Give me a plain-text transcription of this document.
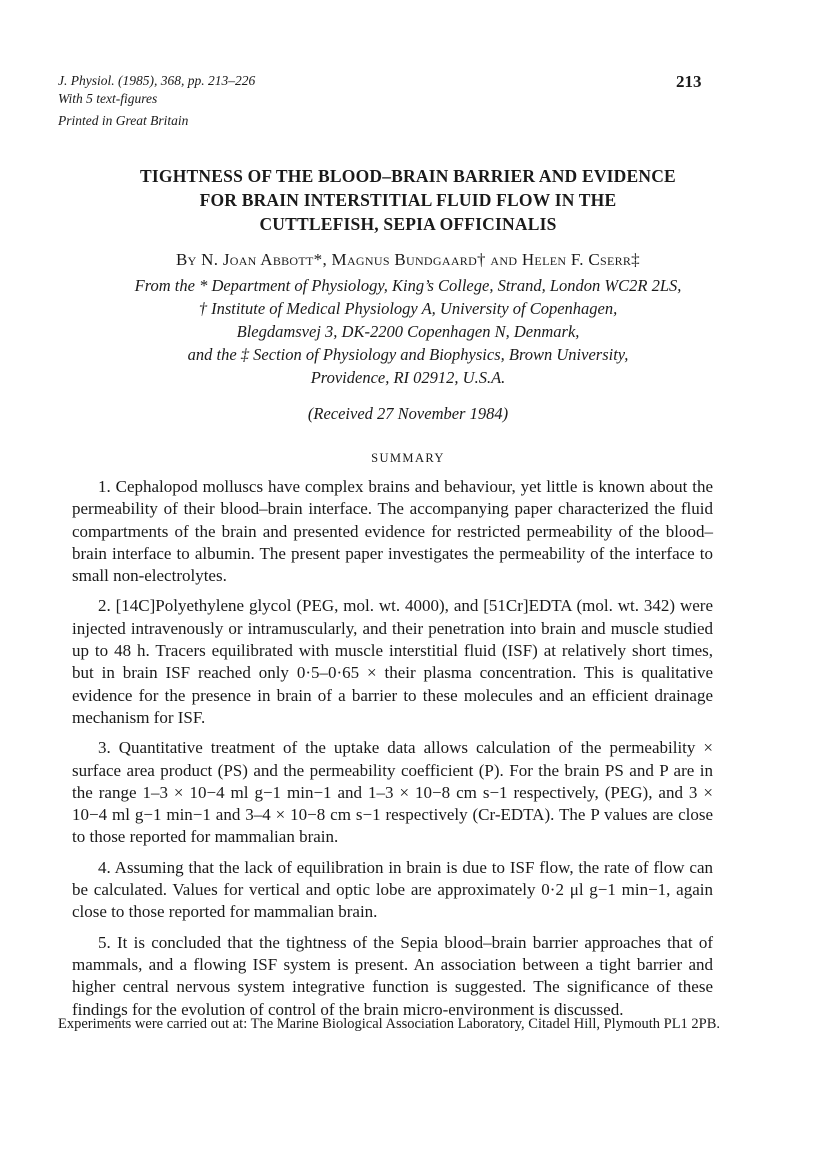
J. Physiol. (1985), 368, pp. 213–226
With 5 text-figures
Printed in Great Britain
213
TIGHTNESS OF THE BLOOD–BRAIN BARRIER AND EVIDENCE
FOR BRAIN INTERSTITIAL FLUID FLOW IN THE
CUTTLEFISH, SEPIA OFFICINALIS
By N. Joan Abbott*, Magnus Bundgaard† and Helen F. Cserr‡
From the * Department of Physiology, King’s College, Strand, London WC2R 2LS,
† Institute of Medical Physiology A, University of Copenhagen,
Blegdamsvej 3, DK-2200 Copenhagen N, Denmark,
and the ‡ Section of Physiology and Biophysics, Brown University,
Providence, RI 02912, U.S.A.
(Received 27 November 1984)
SUMMARY

1. Cephalopod molluscs have complex brains and behaviour, yet little is known about the permeability of their blood–brain interface. The accompanying paper characterized the fluid compartments of the brain and presented evidence for restricted permeability of the blood–brain interface to albumin. The present paper investigates the permeability of the interface to small non-electrolytes.

2. [14C]Polyethylene glycol (PEG, mol. wt. 4000), and [51Cr]EDTA (mol. wt. 342) were injected intravenously or intramuscularly, and their penetration into brain and muscle studied up to 48 h. Tracers equilibrated with muscle interstitial fluid (ISF) at relatively short times, but in brain ISF reached only 0·5–0·65 × their plasma concentration. This is qualitative evidence for the presence in brain of a barrier to these molecules and an efficient drainage mechanism for ISF.

3. Quantitative treatment of the uptake data allows calculation of the permeability × surface area product (PS) and the permeability coefficient (P). For the brain PS and P are in the range 1–3 × 10−4 ml g−1 min−1 and 1–3 × 10−8 cm s−1 respectively, (PEG), and 3 × 10−4 ml g−1 min−1 and 3–4 × 10−8 cm s−1 respectively (Cr-EDTA). The P values are close to those reported for mammalian brain.

4. Assuming that the lack of equilibration in brain is due to ISF flow, the rate of flow can be calculated. Values for vertical and optic lobe are approximately 0·2 μl g−1 min−1, again close to those reported for mammalian brain.

5. It is concluded that the tightness of the Sepia blood–brain barrier approaches that of mammals, and a flowing ISF system is present. An association between a tight barrier and higher central nervous system integrative function is suggested. The significance of these findings for the evolution of control of the brain micro-environment is discussed.

Experiments were carried out at: The Marine Biological Association Laboratory, Citadel Hill, Plymouth PL1 2PB.
